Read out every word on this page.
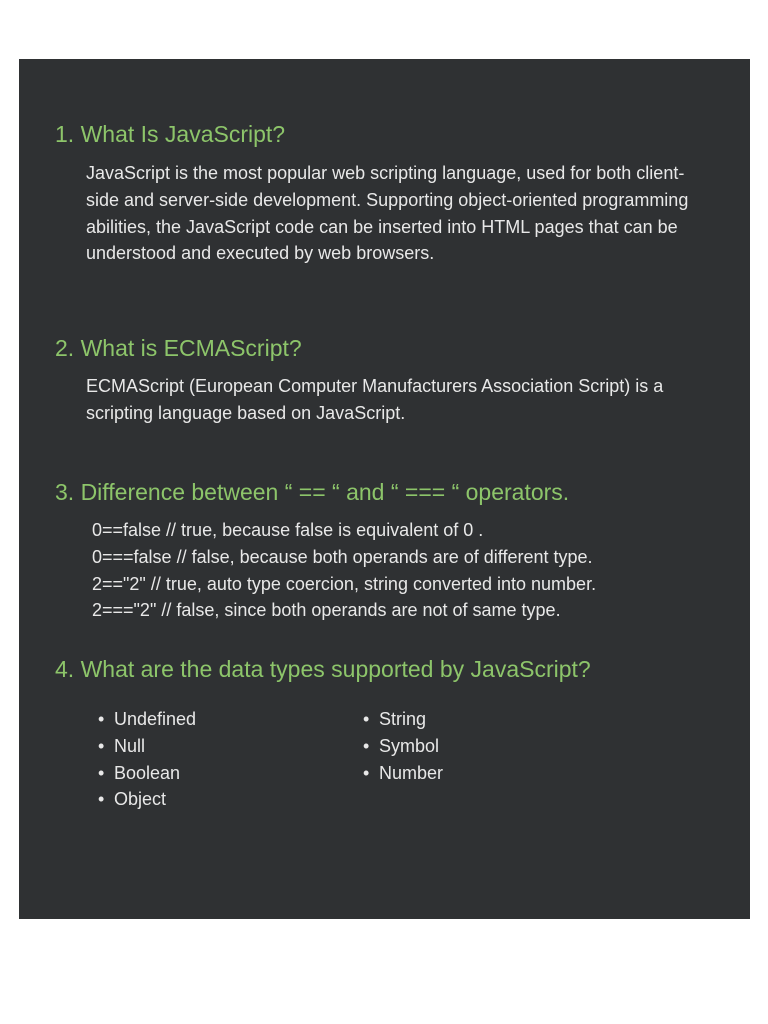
1. What Is JavaScript?

JavaScript is the most popular web scripting language, used for both client-side and server-side development. Supporting object-oriented programming abilities, the JavaScript code can be inserted into HTML pages that can be understood and executed by web browsers.

2. What is ECMAScript?

ECMAScript (European Computer Manufacturers Association Script) is a scripting language based on JavaScript.

3. Difference between “ == “ and “ === “ operators.
0==false // true, because false is equivalent of 0 .
0===false // false, because both operands are of different type.
2=="2" // true, auto type coercion, string converted into number.
2==="2" // false, since both operands are not of same type.
4. What are the data types supported by JavaScript?
• Undefined
• Null
• Boolean
• Object
• String
• Symbol
• Number
